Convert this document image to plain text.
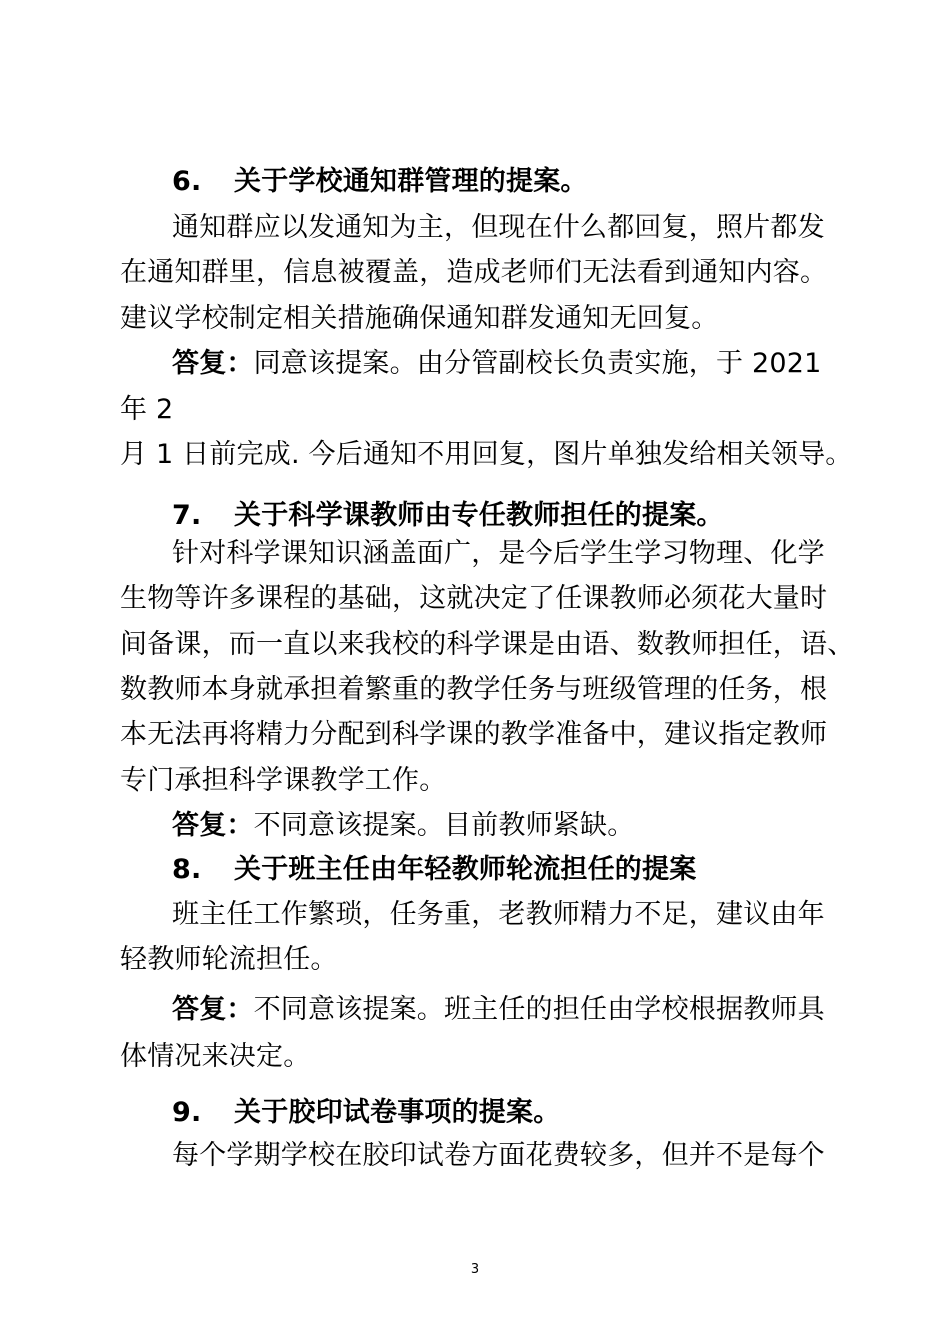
6. 关于学校通知群管理的提案。
通知群应以发通知为主，但现在什么都回复，照片都发
在通知群里，信息被覆盖，造成老师们无法看到通知内容。
建议学校制定相关措施确保通知群发通知无回复。
答复：同意该提案。由分管副校长负责实施，于 2021
年 2
月 1 日前完成. 今后通知不用回复，图片单独发给相关领导。
7. 关于科学课教师由专任教师担任的提案。
针对科学课知识涵盖面广，是今后学生学习物理、化学
生物等许多课程的基础，这就决定了任课教师必须花大量时
间备课，而一直以来我校的科学课是由语、数教师担任，语、
数教师本身就承担着繁重的教学任务与班级管理的任务，根
本无法再将精力分配到科学课的教学准备中，建议指定教师
专门承担科学课教学工作。
答复：不同意该提案。目前教师紧缺。
8. 关于班主任由年轻教师轮流担任的提案
班主任工作繁琐，任务重，老教师精力不足，建议由年
轻教师轮流担任。
答复：不同意该提案。班主任的担任由学校根据教师具
体情况来决定。
9. 关于胶印试卷事项的提案。
每个学期学校在胶印试卷方面花费较多，但并不是每个
3
